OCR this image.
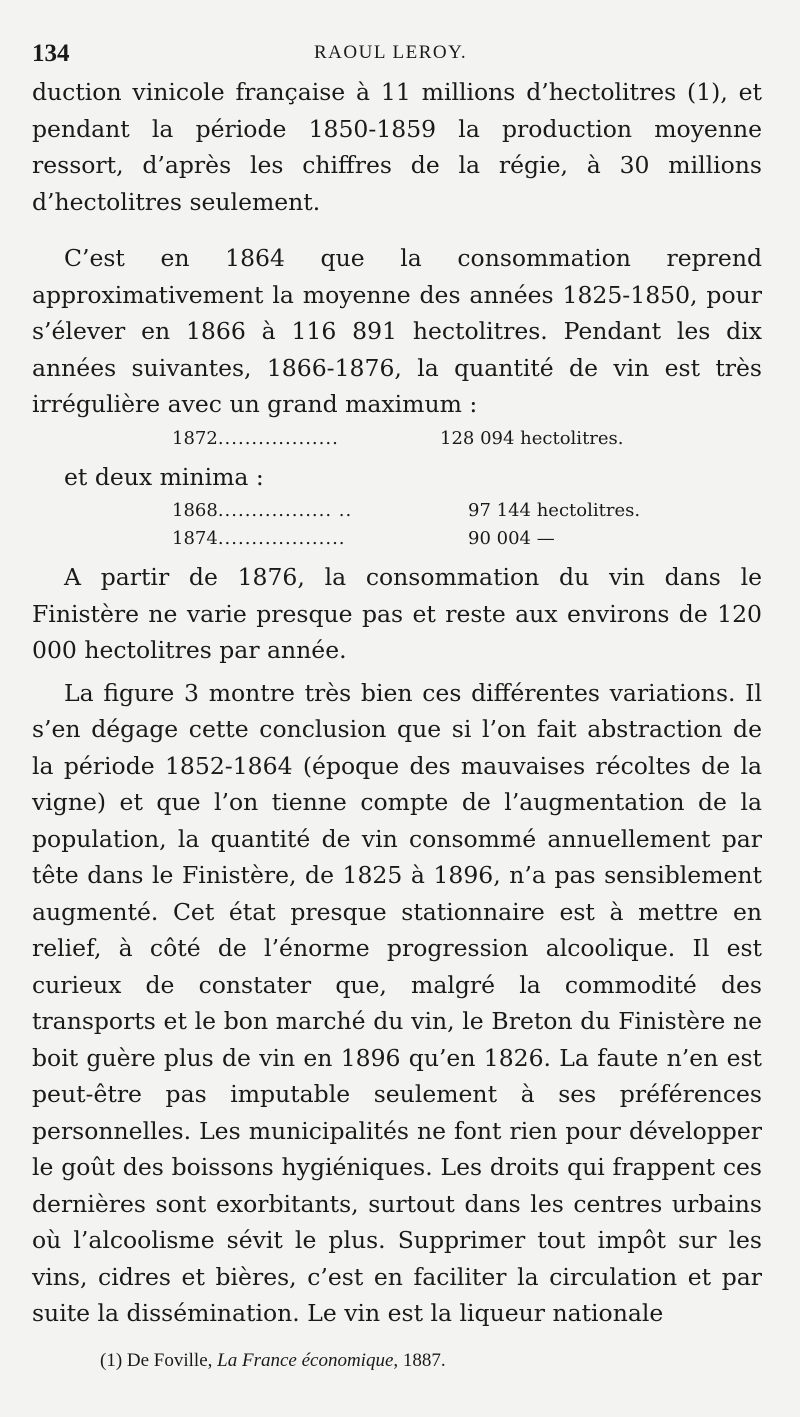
134	RAOUL LEROY.

duction vinicole française à 11 millions d’hectolitres (1), et pendant la période 1850-1859 la production moyenne ressort, d’après les chiffres de la régie, à 30 millions d’hectolitres seulement.

C’est en 1864 que la consommation reprend approximativement la moyenne des années 1825-1850, pour s’élever en 1866 à 116 891 hectolitres. Pendant les dix années suivantes, 1866-1876, la quantité de vin est très irrégulière avec un grand maximum :

1872..................	128 094 hectolitres.

et deux minima :

1868................. ..	97 144 hectolitres.
1874...................	90 004 —

A partir de 1876, la consommation du vin dans le Finistère ne varie presque pas et reste aux environs de 120 000 hectolitres par année.

La figure 3 montre très bien ces différentes variations. Il s’en dégage cette conclusion que si l’on fait abstraction de la période 1852-1864 (époque des mauvaises récoltes de la vigne) et que l’on tienne compte de l’augmentation de la population, la quantité de vin consommé annuellement par tête dans le Finistère, de 1825 à 1896, n’a pas sensiblement augmenté. Cet état presque stationnaire est à mettre en relief, à côté de l’énorme progression alcoolique. Il est curieux de constater que, malgré la commodité des transports et le bon marché du vin, le Breton du Finistère ne boit guère plus de vin en 1896 qu’en 1826. La faute n’en est peut-être pas imputable seulement à ses préférences personnelles. Les municipalités ne font rien pour développer le goût des boissons hygiéniques. Les droits qui frappent ces dernières sont exorbitants, surtout dans les centres urbains où l’alcoolisme sévit le plus. Supprimer tout impôt sur les vins, cidres et bières, c’est en faciliter la circulation et par suite la dissémination. Le vin est la liqueur nationale

(1) De Foville, La France économique, 1887.
